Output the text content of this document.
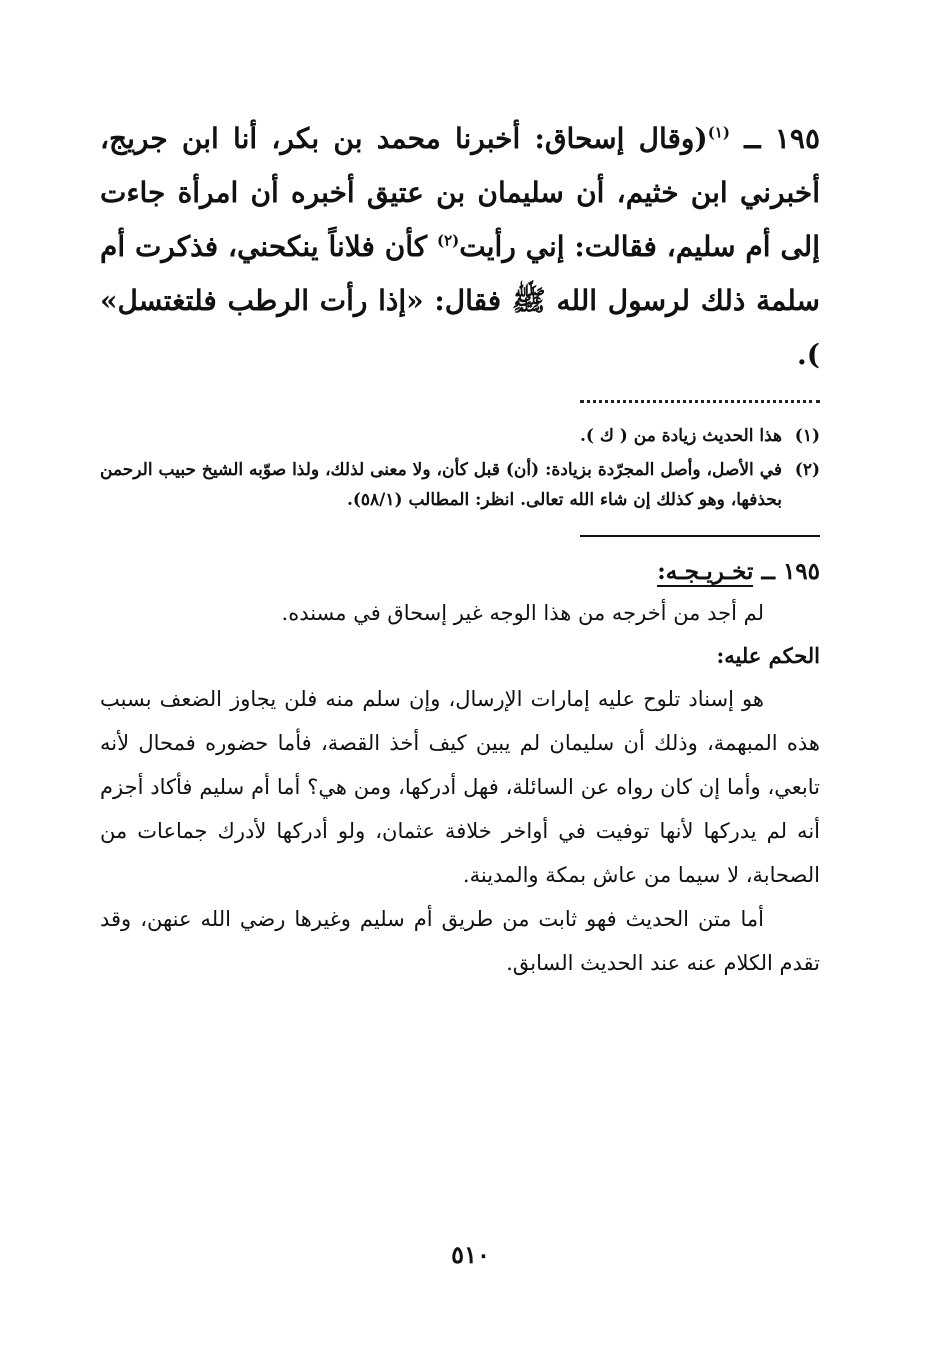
١٩٥ ــ $^{(١)}$(وقال إسحاق: أخبرنا محمد بن بكر، أنا ابن جريج، أخبرني ابن خثيم، أن سليمان بن عتيق أخبره أن امرأة جاءت إلى أم سليم، فقالت: إني رأيت$^{(٢)}$ كأن فلاناً ينكحني، فذكرت أم سلمة ذلك لرسول الله ﷺ فقال: «إذا رأت الرطب فلتغتسل» ).

(١)
هذا الحديث زيادة من ( ك ).
(٢)
في الأصل، وأصل المجرّدة بزيادة: (أن) قبل كأن، ولا معنى لذلك، ولذا صوّبه الشيخ حبيب الرحمن بحذفها، وهو كذلك إن شاء الله تعالى. انظر: المطالب (٥٨/١).
١٩٥ ــ تخـريـجـه:

لم أجد من أخرجه من هذا الوجه غير إسحاق في مسنده.

الحكم عليه:

هو إسناد تلوح عليه إمارات الإرسال، وإن سلم منه فلن يجاوز الضعف بسبب هذه المبهمة، وذلك أن سليمان لم يبين كيف أخذ القصة، فأما حضوره فمحال لأنه تابعي، وأما إن كان رواه عن السائلة، فهل أدركها، ومن هي؟ أما أم سليم فأكاد أجزم أنه لم يدركها لأنها توفيت في أواخر خلافة عثمان، ولو أدركها لأدرك جماعات من الصحابة، لا سيما من عاش بمكة والمدينة.

أما متن الحديث فهو ثابت من طريق أم سليم وغيرها رضي الله عنهن، وقد تقدم الكلام عنه عند الحديث السابق.

٥١٠
